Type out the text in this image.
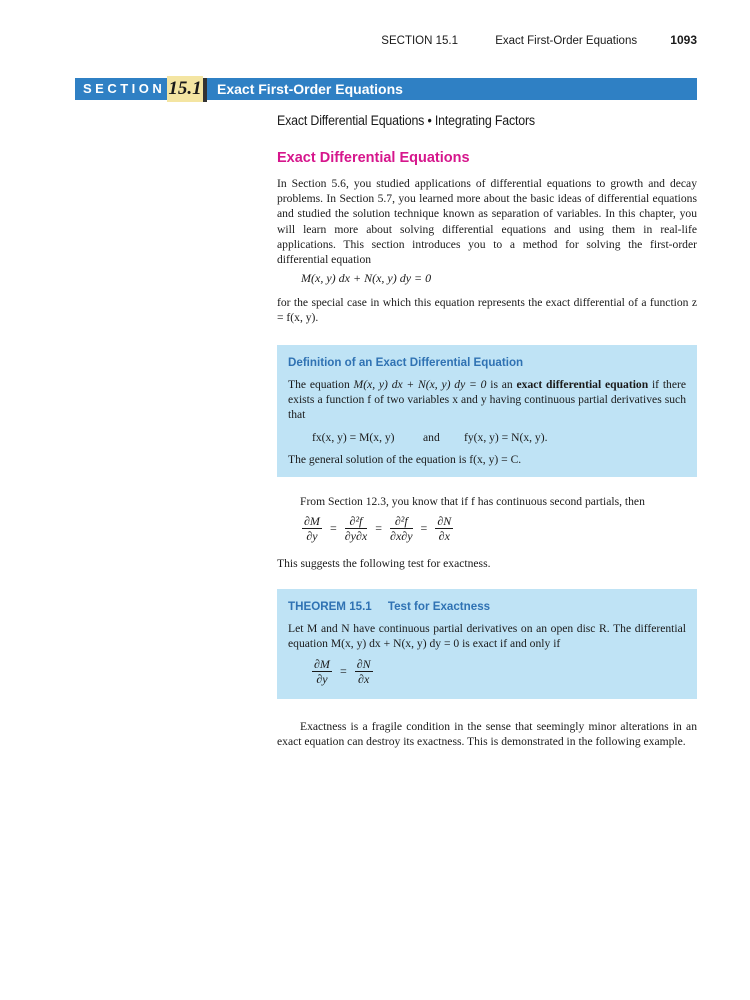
SECTION 15.1	Exact First-Order Equations	1093
SECTION 15.1 Exact First-Order Equations
Exact Differential Equations • Integrating Factors
Exact Differential Equations
In Section 5.6, you studied applications of differential equations to growth and decay problems. In Section 5.7, you learned more about the basic ideas of differential equations and studied the solution technique known as separation of variables. In this chapter, you will learn more about solving differential equations and using them in real-life applications. This section introduces you to a method for solving the first-order differential equation
M(x, y) dx + N(x, y) dy = 0
for the special case in which this equation represents the exact differential of a function z = f(x, y).
Definition of an Exact Differential Equation
The equation M(x, y) dx + N(x, y) dy = 0 is an exact differential equation if there exists a function f of two variables x and y having continuous partial derivatives such that
fx(x, y) = M(x, y) and fy(x, y) = N(x, y).
The general solution of the equation is f(x, y) = C.
From Section 12.3, you know that if f has continuous second partials, then
$\frac{\partial M}{\partial y} = \frac{\text{∂²f}}{\partial y\partial x} = \frac{\text{∂²f}}{\partial x\partial y} = \frac{\partial N}{\partial x}$
This suggests the following test for exactness.
THEOREM 15.1     Test for Exactness
Let M and N have continuous partial derivatives on an open disc R. The differential equation M(x, y) dx + N(x, y) dy = 0 is exact if and only if
$\frac{\partial M}{\partial y} = \frac{\partial N}{\partial x}$
Exactness is a fragile condition in the sense that seemingly minor alterations in an exact equation can destroy its exactness. This is demonstrated in the following example.
